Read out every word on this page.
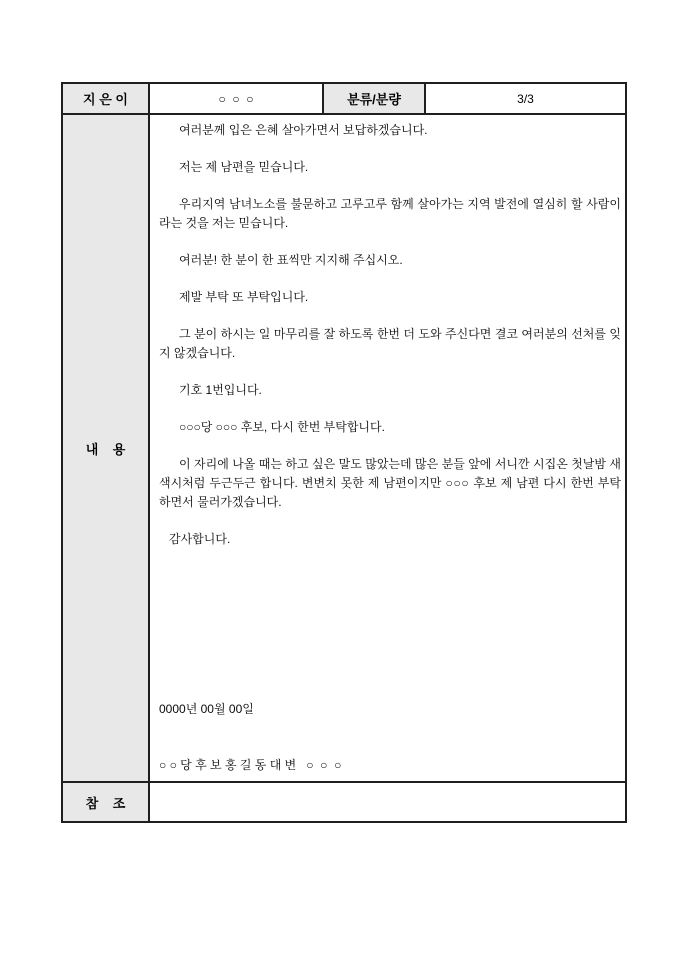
지 은 이	○  ○  ○	분류/분량	3/3
내    용	

여러분께 입은 은혜 살아가면서 보답하겠습니다.

저는 제 남편을 믿습니다.

우리지역 남녀노소를 불문하고 고루고루 함께 살아가는 지역 발전에 열심히 할 사람이라는 것을 저는 믿습니다.

여러분! 한 분이 한 표씩만 지지해 주십시오.

제발 부탁 또 부탁입니다.

그 분이 하시는 일 마무리를 잘 하도록 한번 더 도와 주신다면 결코 여러분의 선처를 잊지 않겠습니다.

기호 1번입니다.

○○○당 ○○○ 후보, 다시 한번 부탁합니다.

이 자리에 나올 때는 하고 싶은 말도 많았는데 많은 분들 앞에 서니깐 시집온 첫날밤 새색시처럼 두근두근 합니다. 변변치 못한 제 남편이지만 ○○○ 후보 제 남편 다시 한번 부탁하면서 물러가겠습니다.

감사합니다.

0000년 00월 00일

○ ○ 당 후 보 홍 길 동 대 변   ○  ○  ○

참    조			
